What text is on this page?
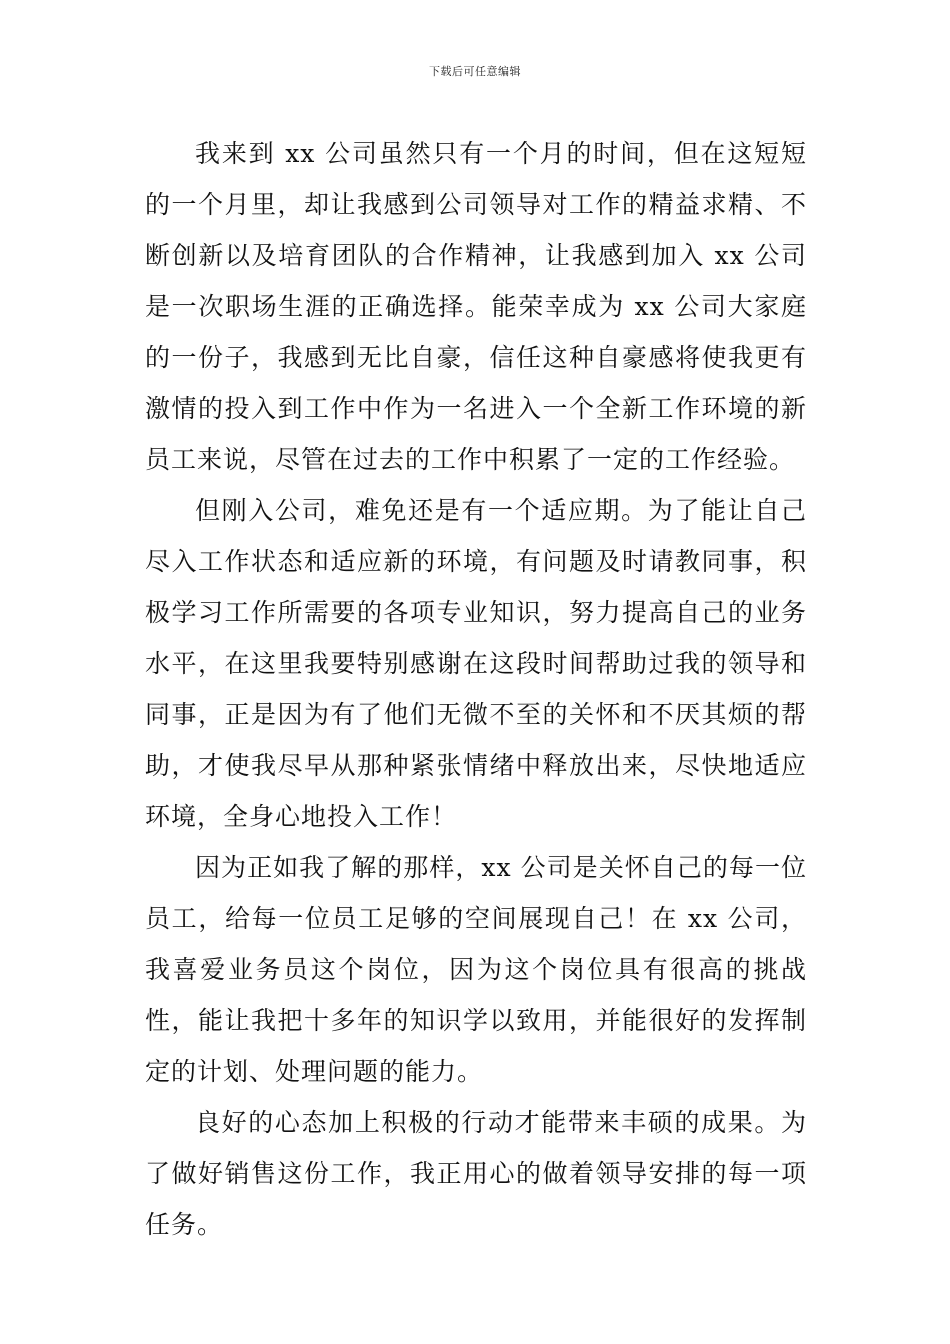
下载后可任意编辑

我来到 xx 公司虽然只有一个月的时间，但在这短短的一个月里，却让我感到公司领导对工作的精益求精、不断创新以及培育团队的合作精神，让我感到加入 xx 公司是一次职场生涯的正确选择。能荣幸成为 xx 公司大家庭的一份子，我感到无比自豪，信任这种自豪感将使我更有激情的投入到工作中作为一名进入一个全新工作环境的新员工来说，尽管在过去的工作中积累了一定的工作经验。

但刚入公司，难免还是有一个适应期。为了能让自己尽入工作状态和适应新的环境，有问题及时请教同事，积极学习工作所需要的各项专业知识，努力提高自己的业务水平，在这里我要特别感谢在这段时间帮助过我的领导和同事，正是因为有了他们无微不至的关怀和不厌其烦的帮助，才使我尽早从那种紧张情绪中释放出来，尽快地适应环境，全身心地投入工作！

因为正如我了解的那样，xx 公司是关怀自己的每一位员工，给每一位员工足够的空间展现自己！在 xx 公司，我喜爱业务员这个岗位，因为这个岗位具有很高的挑战性，能让我把十多年的知识学以致用，并能很好的发挥制定的计划、处理问题的能力。

良好的心态加上积极的行动才能带来丰硕的成果。为了做好销售这份工作，我正用心的做着领导安排的每一项任务。
